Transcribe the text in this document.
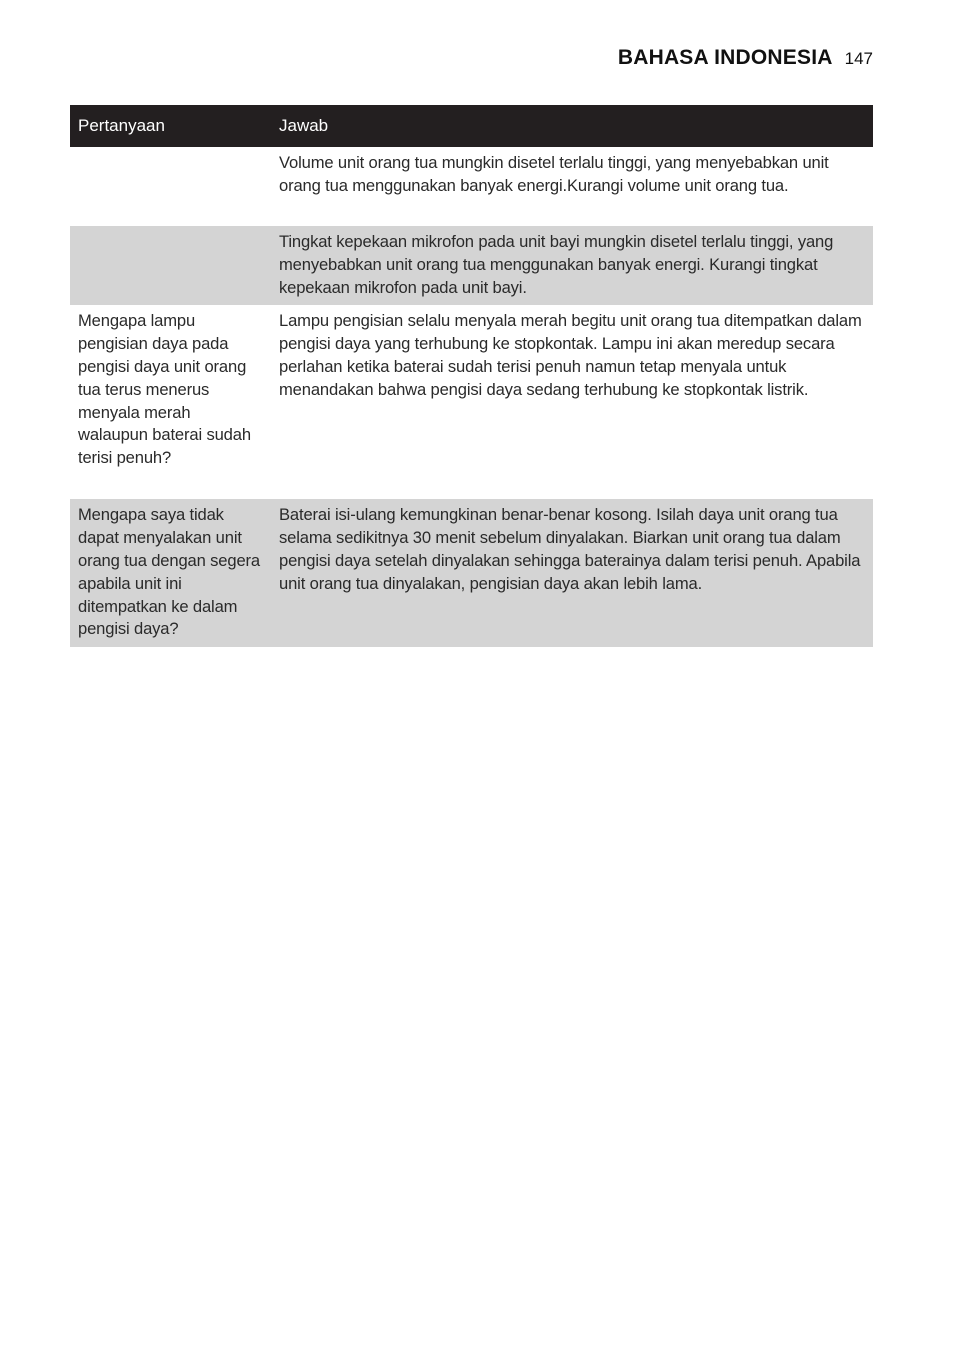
BAHASA INDONESIA 147
Pertanyaan	Jawab
	Volume unit orang tua mungkin disetel terlalu tinggi, yang menyebabkan unit orang tua menggunakan banyak energi.Kurangi volume unit orang tua.
	Tingkat kepekaan mikrofon pada unit bayi mungkin disetel terlalu tinggi, yang menyebabkan unit orang tua menggunakan banyak energi. Kurangi tingkat kepekaan mikrofon pada unit bayi.
Mengapa lampu pengisian daya pada pengisi daya unit orang tua terus menerus menyala merah walaupun baterai sudah terisi penuh?	Lampu pengisian selalu menyala merah begitu unit orang tua ditempatkan dalam pengisi daya yang terhubung ke stopkontak. Lampu ini akan meredup secara perlahan ketika baterai sudah terisi penuh namun tetap menyala untuk menandakan bahwa pengisi daya sedang terhubung ke stopkontak listrik.
Mengapa saya tidak dapat menyalakan unit orang tua dengan segera apabila unit ini ditempatkan ke dalam pengisi daya?	Baterai isi-ulang kemungkinan benar-benar kosong. Isilah daya unit orang tua selama sedikitnya 30 menit sebelum dinyalakan. Biarkan unit orang tua dalam pengisi daya setelah dinyalakan sehingga baterainya dalam terisi penuh. Apabila unit orang tua dinyalakan, pengisian daya akan lebih lama.
